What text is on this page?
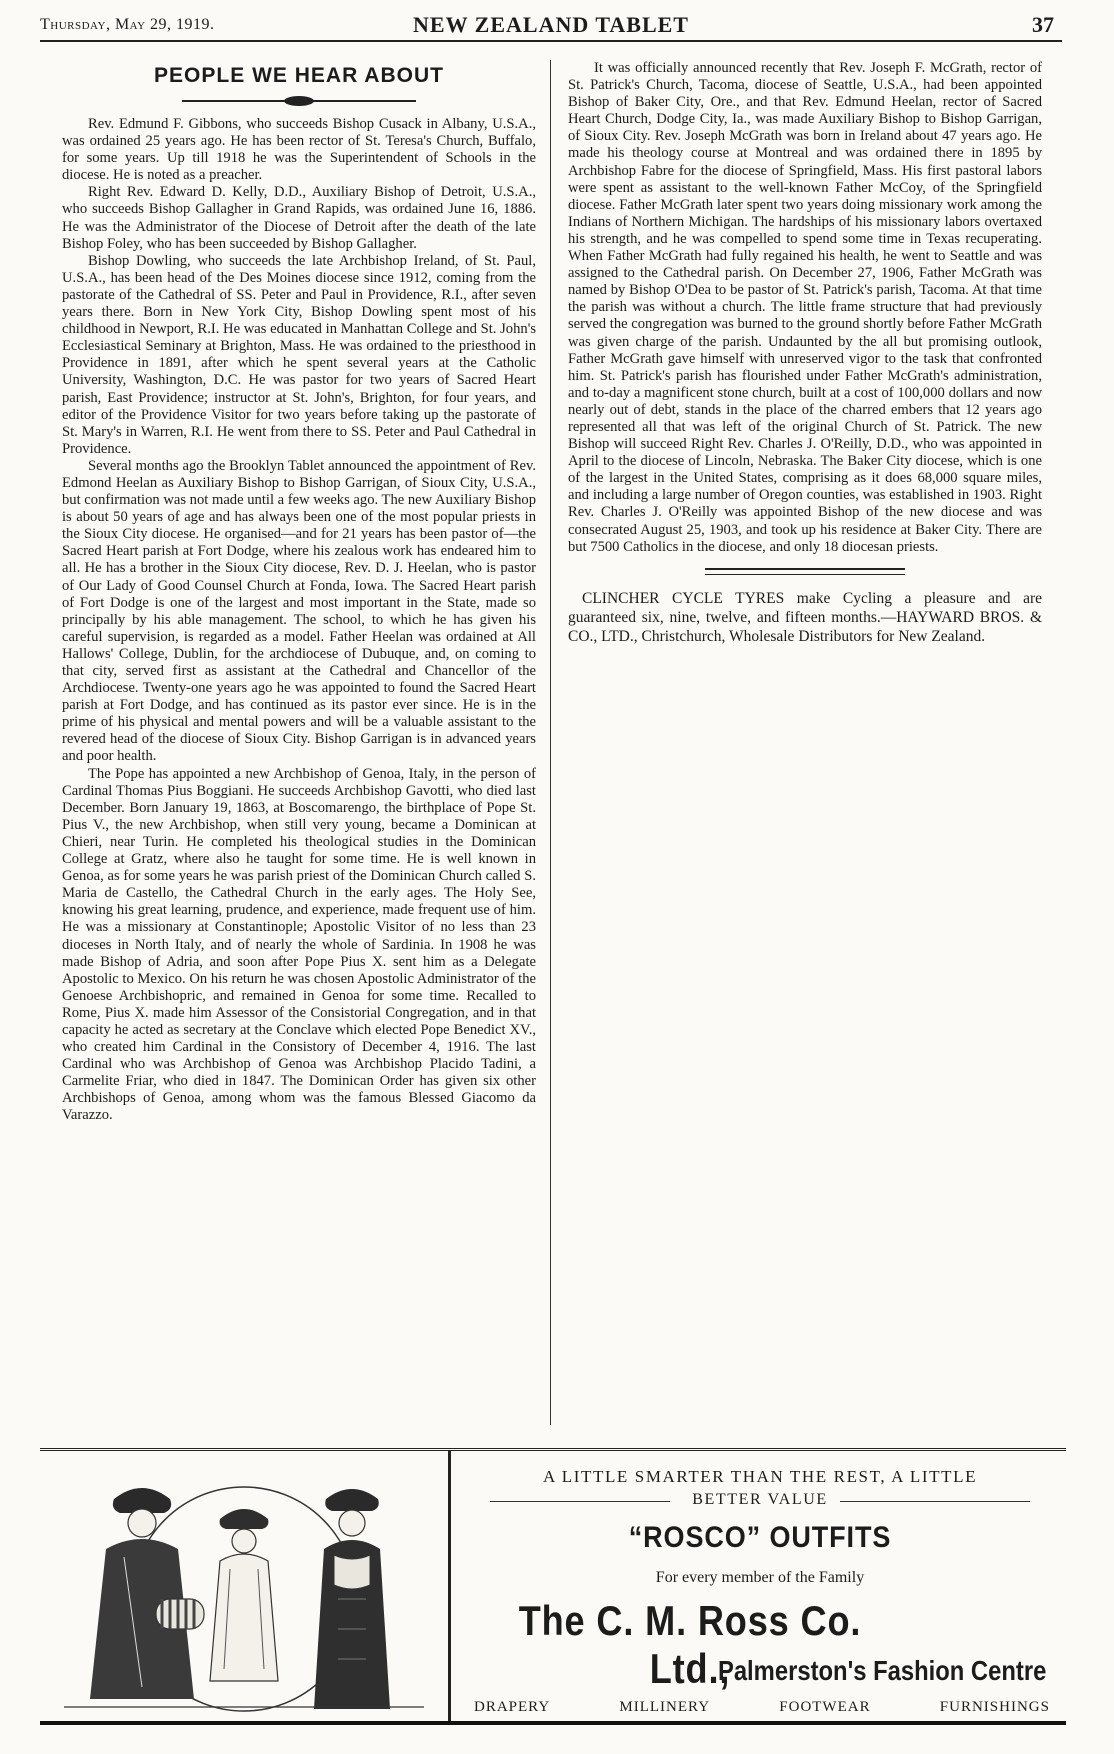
Thursday, May 29, 1919.	NEW ZEALAND TABLET	37
PEOPLE WE HEAR ABOUT

Rev. Edmund F. Gibbons, who succeeds Bishop Cusack in Albany, U.S.A., was ordained 25 years ago. He has been rector of St. Teresa's Church, Buffalo, for some years. Up till 1918 he was the Superintendent of Schools in the diocese. He is noted as a preacher.

Right Rev. Edward D. Kelly, D.D., Auxiliary Bishop of Detroit, U.S.A., who succeeds Bishop Gallagher in Grand Rapids, was ordained June 16, 1886. He was the Administrator of the Diocese of Detroit after the death of the late Bishop Foley, who has been succeeded by Bishop Gallagher.

Bishop Dowling, who succeeds the late Archbishop Ireland, of St. Paul, U.S.A., has been head of the Des Moines diocese since 1912, coming from the pastorate of the Cathedral of SS. Peter and Paul in Providence, R.I., after seven years there. Born in New York City, Bishop Dowling spent most of his childhood in Newport, R.I. He was educated in Manhattan College and St. John's Ecclesiastical Seminary at Brighton, Mass. He was ordained to the priesthood in Providence in 1891, after which he spent several years at the Catholic University, Washington, D.C. He was pastor for two years of Sacred Heart parish, East Providence; instructor at St. John's, Brighton, for four years, and editor of the Providence Visitor for two years before taking up the pastorate of St. Mary's in Warren, R.I. He went from there to SS. Peter and Paul Cathedral in Providence.

Several months ago the Brooklyn Tablet announced the appointment of Rev. Edmond Heelan as Auxiliary Bishop to Bishop Garrigan, of Sioux City, U.S.A., but confirmation was not made until a few weeks ago. The new Auxiliary Bishop is about 50 years of age and has always been one of the most popular priests in the Sioux City diocese. He organised—and for 21 years has been pastor of—the Sacred Heart parish at Fort Dodge, where his zealous work has endeared him to all. He has a brother in the Sioux City diocese, Rev. D. J. Heelan, who is pastor of Our Lady of Good Counsel Church at Fonda, Iowa. The Sacred Heart parish of Fort Dodge is one of the largest and most important in the State, made so principally by his able management. The school, to which he has given his careful supervision, is regarded as a model. Father Heelan was ordained at All Hallows' College, Dublin, for the archdiocese of Dubuque, and, on coming to that city, served first as assistant at the Cathedral and Chancellor of the Archdiocese. Twenty-one years ago he was appointed to found the Sacred Heart parish at Fort Dodge, and has continued as its pastor ever since. He is in the prime of his physical and mental powers and will be a valuable assistant to the revered head of the diocese of Sioux City. Bishop Garrigan is in advanced years and poor health.

The Pope has appointed a new Archbishop of Genoa, Italy, in the person of Cardinal Thomas Pius Boggiani. He succeeds Archbishop Gavotti, who died last December. Born January 19, 1863, at Boscomarengo, the birthplace of Pope St. Pius V., the new Archbishop, when still very young, became a Dominican at Chieri, near Turin. He completed his theological studies in the Dominican College at Gratz, where also he taught for some time. He is well known in Genoa, as for some years he was parish priest of the Dominican Church called S. Maria de Castello, the Cathedral Church in the early ages. The Holy See, knowing his great learning, prudence, and experience, made frequent use of him. He was a missionary at Constantinople; Apostolic Visitor of no less than 23 dioceses in North Italy, and of nearly the whole of Sardinia. In 1908 he was made Bishop of Adria, and soon after Pope Pius X. sent him as a Delegate Apostolic to Mexico. On his return he was chosen Apostolic Administrator of the Genoese Archbishopric, and remained in Genoa for some time. Recalled to Rome, Pius X. made him Assessor of the Consistorial Congregation, and in that capacity he acted as secretary at the Conclave which elected Pope Benedict XV., who created him Cardinal in the Consistory of December 4, 1916. The last Cardinal who was Archbishop of Genoa was Archbishop Placido Tadini, a Carmelite Friar, who died in 1847. The Dominican Order has given six other Archbishops of Genoa, among whom was the famous Blessed Giacomo da Varazzo.

It was officially announced recently that Rev. Joseph F. McGrath, rector of St. Patrick's Church, Tacoma, diocese of Seattle, U.S.A., had been appointed Bishop of Baker City, Ore., and that Rev. Edmund Heelan, rector of Sacred Heart Church, Dodge City, Ia., was made Auxiliary Bishop to Bishop Garrigan, of Sioux City. Rev. Joseph McGrath was born in Ireland about 47 years ago. He made his theology course at Montreal and was ordained there in 1895 by Archbishop Fabre for the diocese of Springfield, Mass. His first pastoral labors were spent as assistant to the well-known Father McCoy, of the Springfield diocese. Father McGrath later spent two years doing missionary work among the Indians of Northern Michigan. The hardships of his missionary labors overtaxed his strength, and he was compelled to spend some time in Texas recuperating. When Father McGrath had fully regained his health, he went to Seattle and was assigned to the Cathedral parish. On December 27, 1906, Father McGrath was named by Bishop O'Dea to be pastor of St. Patrick's parish, Tacoma. At that time the parish was without a church. The little frame structure that had previously served the congregation was burned to the ground shortly before Father McGrath was given charge of the parish. Undaunted by the all but promising outlook, Father McGrath gave himself with unreserved vigor to the task that confronted him. St. Patrick's parish has flourished under Father McGrath's administration, and to-day a magnificent stone church, built at a cost of 100,000 dollars and now nearly out of debt, stands in the place of the charred embers that 12 years ago represented all that was left of the original Church of St. Patrick. The new Bishop will succeed Right Rev. Charles J. O'Reilly, D.D., who was appointed in April to the diocese of Lincoln, Nebraska. The Baker City diocese, which is one of the largest in the United States, comprising as it does 68,000 square miles, and including a large number of Oregon counties, was established in 1903. Right Rev. Charles J. O'Reilly was appointed Bishop of the new diocese and was consecrated August 25, 1903, and took up his residence at Baker City. There are but 7500 Catholics in the diocese, and only 18 diocesan priests.

CLINCHER CYCLE TYRES make Cycling a pleasure and are guaranteed six, nine, twelve, and fifteen months.—HAYWARD BROS. & CO., LTD., Christchurch, Wholesale Distributors for New Zealand.

A LITTLE SMARTER THAN THE REST, A LITTLE
BETTER VALUE
“ROSCO” OUTFITS
For every member of the Family
The C. M. Ross Co. Ltd.,
Palmerston's Fashion Centre
DRAPERY	MILLINERY	FOOTWEAR	FURNISHINGS
